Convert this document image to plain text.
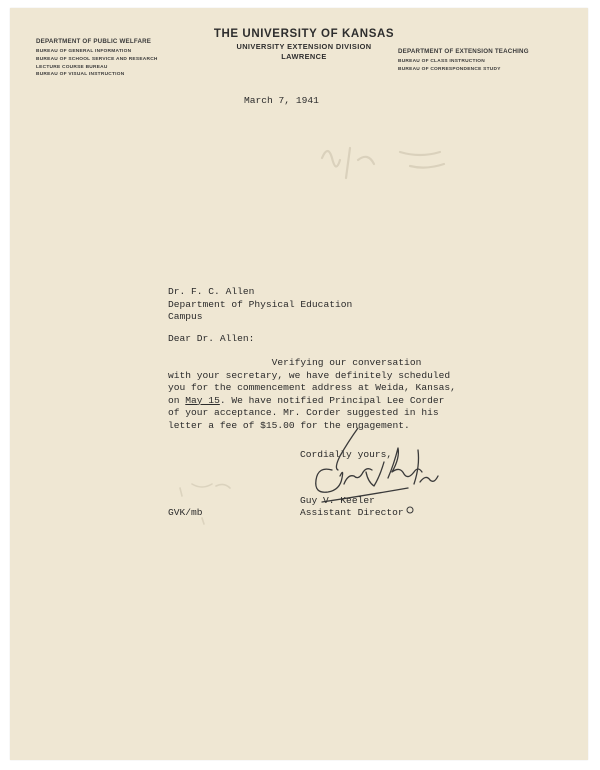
DEPARTMENT OF PUBLIC WELFARE
BUREAU OF GENERAL INFORMATION
BUREAU OF SCHOOL SERVICE AND RESEARCH
LECTURE COURSE BUREAU
BUREAU OF VISUAL INSTRUCTION
THE UNIVERSITY OF KANSAS
UNIVERSITY EXTENSION DIVISION
LAWRENCE
DEPARTMENT OF EXTENSION TEACHING
BUREAU OF CLASS INSTRUCTION
BUREAU OF CORRESPONDENCE STUDY
March 7, 1941
Dr. F. C. Allen
Department of Physical Education
Campus
Dear Dr. Allen:
Verifying our conversation
with your secretary, we have definitely scheduled
you for the commencement address at Weida, Kansas,
on May 15. We have notified Principal Lee Corder
of your acceptance. Mr. Corder suggested in his
letter a fee of $15.00 for the engagement.
Cordially yours,
Guy V. Keeler
Assistant Director
GVK/mb
